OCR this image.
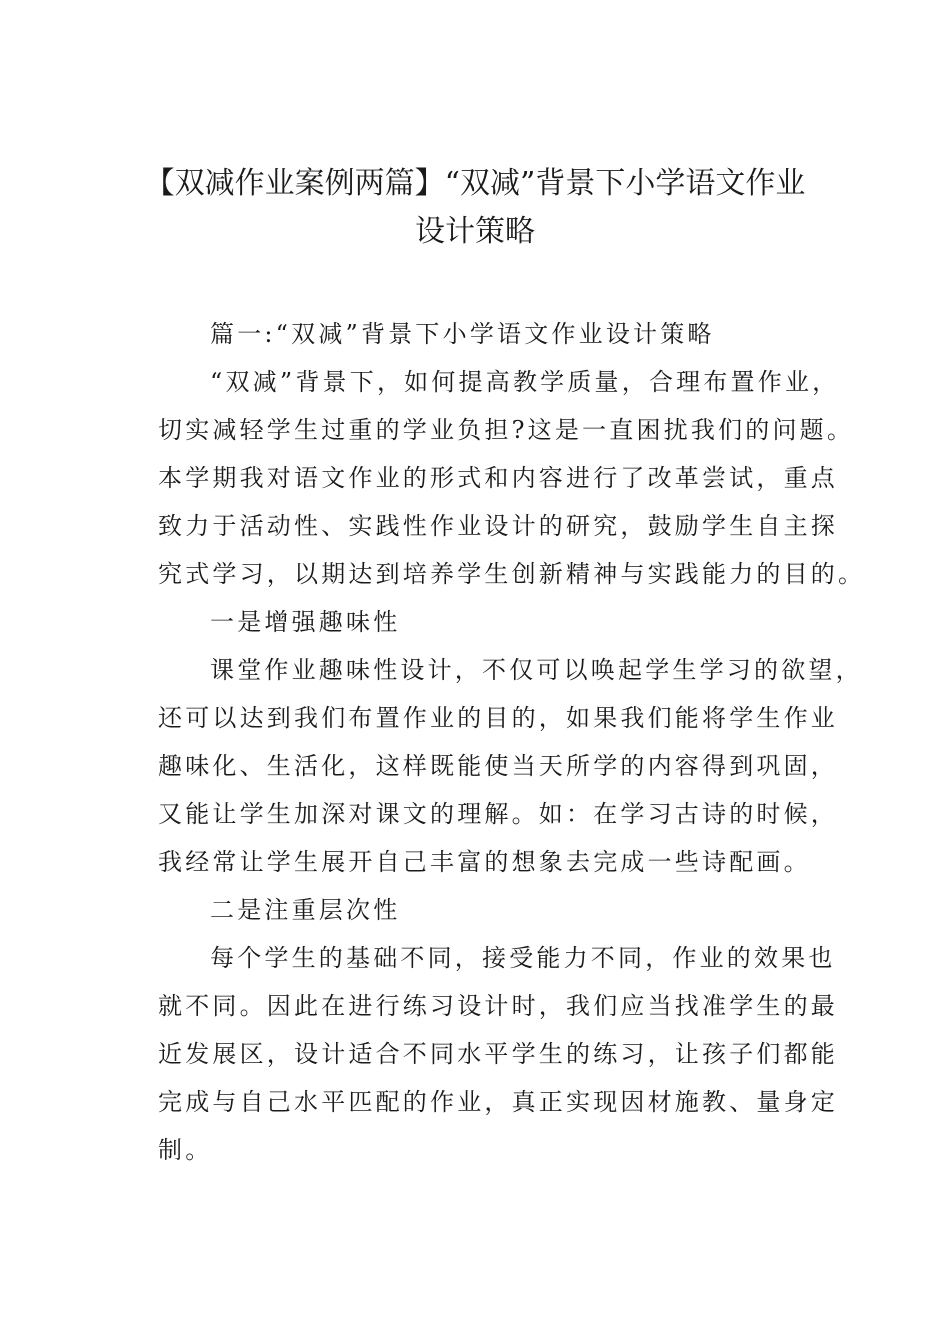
【双减作业案例两篇】“双减”背景下小学语文作业
设计策略
篇一:“双减”背景下小学语文作业设计策略
“双减”背景下，如何提高教学质量，合理布置作业，
切实减轻学生过重的学业负担?这是一直困扰我们的问题。
本学期我对语文作业的形式和内容进行了改革尝试，重点
致力于活动性、实践性作业设计的研究，鼓励学生自主探
究式学习，以期达到培养学生创新精神与实践能力的目的。
一是增强趣味性
课堂作业趣味性设计，不仅可以唤起学生学习的欲望，
还可以达到我们布置作业的目的，如果我们能将学生作业
趣味化、生活化，这样既能使当天所学的内容得到巩固，
又能让学生加深对课文的理解。如：在学习古诗的时候，
我经常让学生展开自己丰富的想象去完成一些诗配画。
二是注重层次性
每个学生的基础不同，接受能力不同，作业的效果也
就不同。因此在进行练习设计时，我们应当找准学生的最
近发展区，设计适合不同水平学生的练习，让孩子们都能
完成与自己水平匹配的作业，真正实现因材施教、量身定
制。
